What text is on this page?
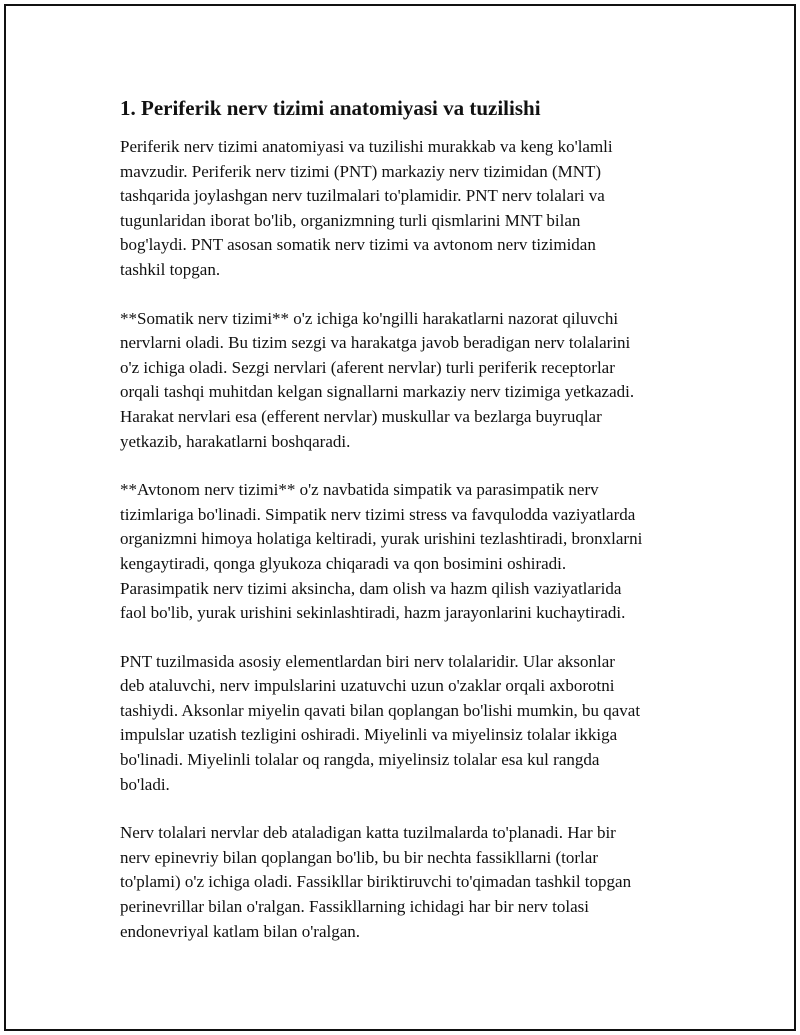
1. Periferik nerv tizimi anatomiyasi va tuzilishi

Periferik nerv tizimi anatomiyasi va tuzilishi murakkab va keng ko'lamli
mavzudir. Periferik nerv tizimi (PNT) markaziy nerv tizimidan (MNT)
tashqarida joylashgan nerv tuzilmalari to'plamidir. PNT nerv tolalari va
tugunlaridan iborat bo'lib, organizmning turli qismlarini MNT bilan
bog'laydi. PNT asosan somatik nerv tizimi va avtonom nerv tizimidan
tashkil topgan.

**Somatik nerv tizimi** o'z ichiga ko'ngilli harakatlarni nazorat qiluvchi
nervlarni oladi. Bu tizim sezgi va harakatga javob beradigan nerv tolalarini
o'z ichiga oladi. Sezgi nervlari (aferent nervlar) turli periferik receptorlar
orqali tashqi muhitdan kelgan signallarni markaziy nerv tizimiga yetkazadi.
Harakat nervlari esa (efferent nervlar) muskullar va bezlarga buyruqlar
yetkazib, harakatlarni boshqaradi.

**Avtonom nerv tizimi** o'z navbatida simpatik va parasimpatik nerv
tizimlariga bo'linadi. Simpatik nerv tizimi stress va favqulodda vaziyatlarda
organizmni himoya holatiga keltiradi, yurak urishini tezlashtiradi, bronxlarni
kengaytiradi, qonga glyukoza chiqaradi va qon bosimini oshiradi.
Parasimpatik nerv tizimi aksincha, dam olish va hazm qilish vaziyatlarida
faol bo'lib, yurak urishini sekinlashtiradi, hazm jarayonlarini kuchaytiradi.

PNT tuzilmasida asosiy elementlardan biri nerv tolalaridir. Ular aksonlar
deb ataluvchi, nerv impulslarini uzatuvchi uzun o'zaklar orqali axborotni
tashiydi. Aksonlar miyelin qavati bilan qoplangan bo'lishi mumkin, bu qavat
impulslar uzatish tezligini oshiradi. Miyelinli va miyelinsiz tolalar ikkiga
bo'linadi. Miyelinli tolalar oq rangda, miyelinsiz tolalar esa kul rangda
bo'ladi.

Nerv tolalari nervlar deb ataladigan katta tuzilmalarda to'planadi. Har bir
nerv epinevriy bilan qoplangan bo'lib, bu bir nechta fassikllarni (torlar
to'plami) o'z ichiga oladi. Fassikllar biriktiruvchi to'qimadan tashkil topgan
perinevrillar bilan o'ralgan. Fassikllarning ichidagi har bir nerv tolasi
endonevriyal katlam bilan o'ralgan.
